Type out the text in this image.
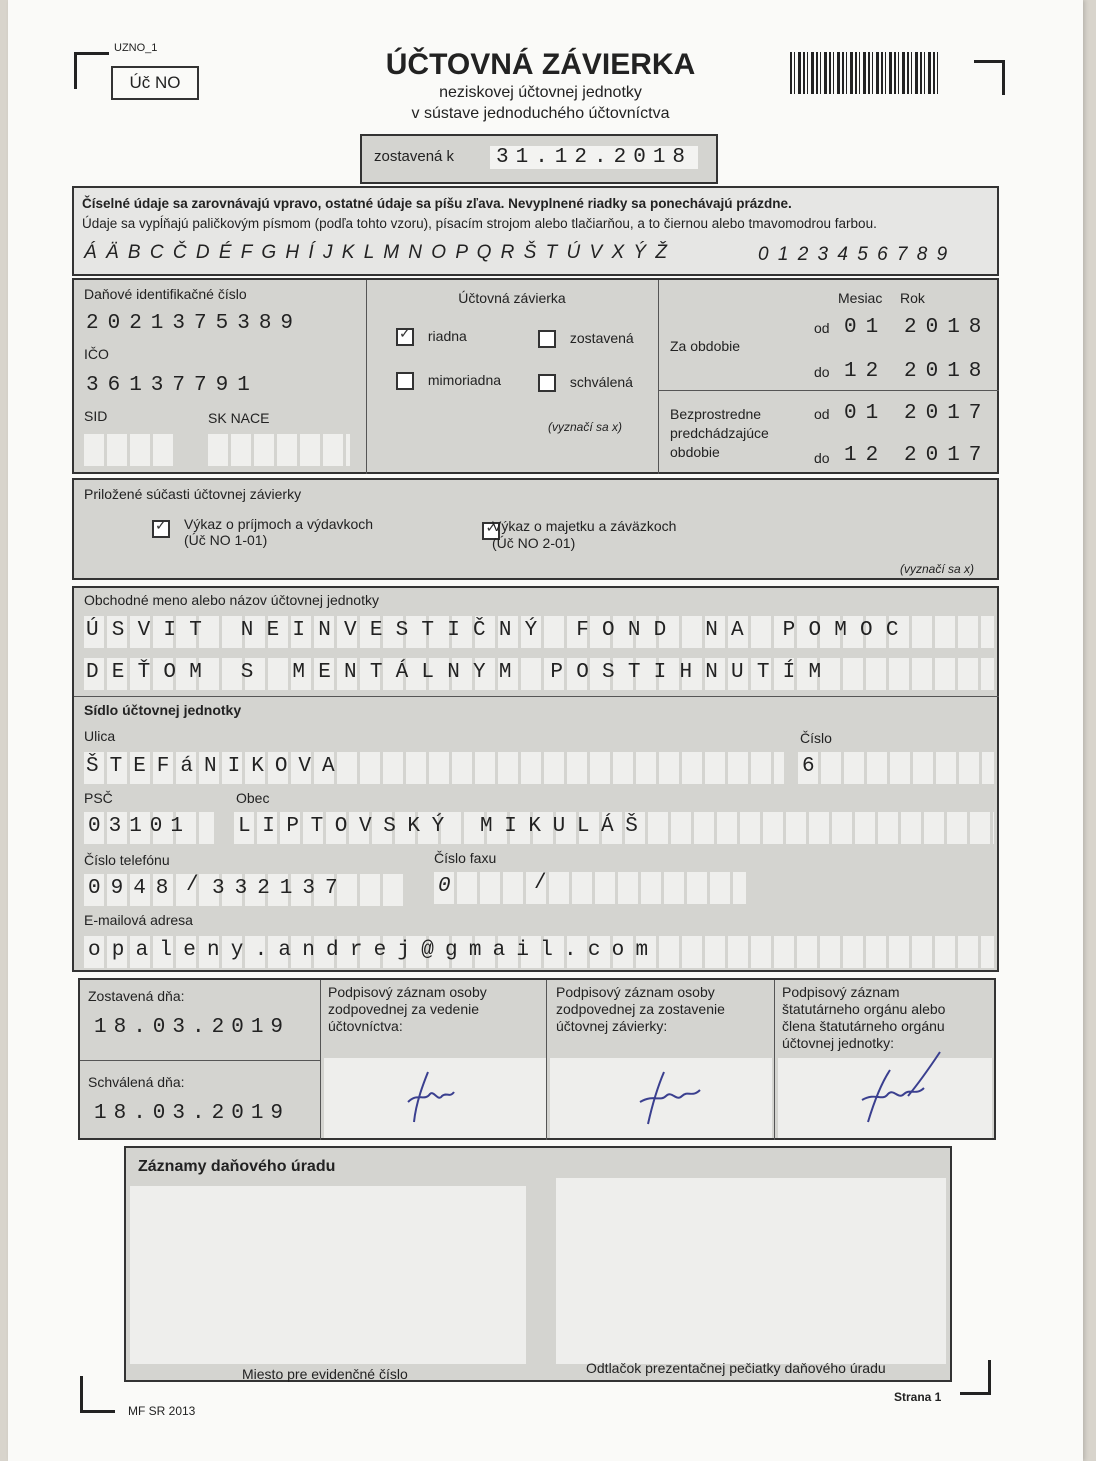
UZNO_1
Úč NO
ÚČTOVNÁ ZÁVIERKA
neziskovej účtovnej jednotky
v sústave jednoduchého účtovníctva
zostavená k 31.12.2018
Číselné údaje sa zarovnávajú vpravo, ostatné údaje sa píšu zľava. Nevyplnené riadky sa ponechávajú prázdne.
Údaje sa vypĺňajú paličkovým písmom (podľa tohto vzoru), písacím strojom alebo tlačiarňou, a to čiernou alebo tmavomodrou farbou.
Á Ä B C Č D É F G H Í J K L M N O P Q R Š T Ú V X Ý Ž	0 1 2 3 4 5 6 7 8 9
Daňové identifikačné číslo
2021375389
IČO
36137791
SID	SK NACE
Účtovná závierka
✓ riadna	zostavená
mimoriadna	schválená
(vyznačí sa x)
Mesiac Rok
Za obdobie
od 01 2018
do 12 2018
Bezprostredne
predchádzajúce
obdobie
od 01 2017
do 12 2017
Priložené súčasti účtovnej závierky
✓
Výkaz o príjmoch a výdavkoch
(Úč NO 1-01)
✓
Výkaz o majetku a záväzkoch
(Úč NO 2-01)
(vyznačí sa x)
Obchodné meno alebo názov účtovnej jednotky
ÚSVIT NEINVESTIČNÝ FOND NA POMOC
DEŤOM S MENTÁLNYM POSTIHNUTÍM
Sídlo účtovnej jednotky
Ulica	Číslo
ŠTEFáNIKOVA	6
PSČ	Obec
03101 LIPTOVSKÝ MIKULÁŠ
Číslo telefónu	Číslo faxu
0948 / 332137	0	/
E-mailová adresa
opaleny.andrej@gmail.com
Zostavená dňa:
18.03.2019
Schválená dňa:
18.03.2019
Podpisový záznam osoby zodpovednej za vedenie účtovníctva:
Podpisový záznam osoby zodpovednej za zostavenie účtovnej závierky:
Podpisový záznam štatutárneho orgánu alebo člena štatutárneho orgánu účtovnej jednotky:
Záznamy daňového úradu
Miesto pre evidenčné číslo	Odtlačok prezentačnej pečiatky daňového úradu
MF SR 2013
Strana 1
